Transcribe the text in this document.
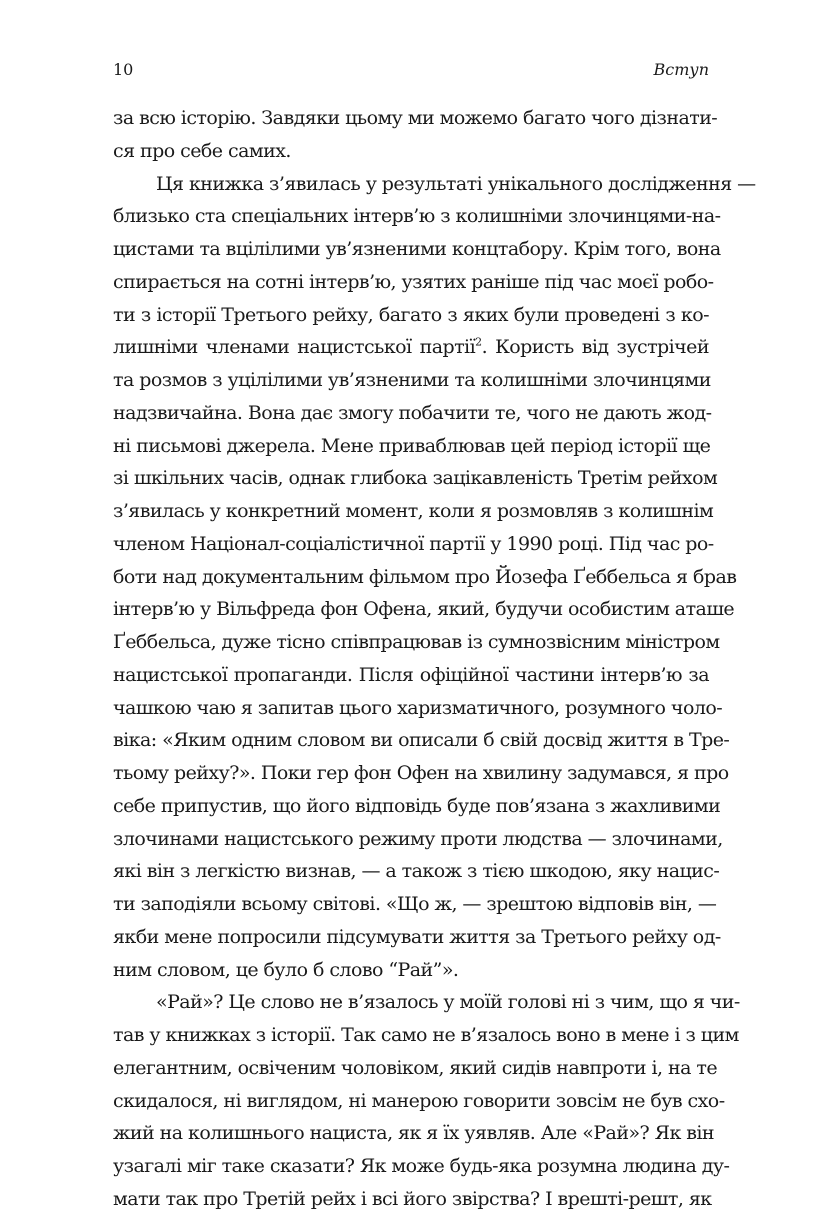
10	Вступ
за всю історію. Завдяки цьому ми можемо багато чого дізнати-
ся про себе самих.
Ця книжка з’явилась у результаті унікального дослідження —
близько ста спеціальних інтерв’ю з колишніми злочинцями-на-
цистами та вцілілими ув’язненими концтабору. Крім того, вона
спирається на сотні інтерв’ю, узятих раніше під час моєї робо-
ти з історії Третього рейху, багато з яких були проведені з ко-
лишніми членами нацистської партії$^2$. Користь від зустрічей
та розмов з уцілілими ув’язненими та колишніми злочинцями
надзвичайна. Вона дає змогу побачити те, чого не дають жод-
ні письмові джерела. Мене приваблював цей період історії ще
зі шкільних часів, однак глибока зацікавленість Третім рейхом
з’явилась у конкретний момент, коли я розмовляв з колишнім
членом Націонал-соціалістичної партії у 1990 році. Під час ро-
боти над документальним фільмом про Йозефа Ґеббельса я брав
інтерв’ю у Вільфреда фон Офена, який, будучи особистим аташе
Ґеббельса, дуже тісно співпрацював із сумнозвісним міністром
нацистської пропаганди. Після офіційної частини інтерв’ю за
чашкою чаю я запитав цього харизматичного, розумного чоло-
віка: «Яким одним словом ви описали б свій досвід життя в Тре-
тьому рейху?». Поки гер фон Офен на хвилину задумався, я про
себе припустив, що його відповідь буде пов’язана з жахливими
злочинами нацистського режиму проти людства — злочинами,
які він з легкістю визнав, — а також з тією шкодою, яку нацис-
ти заподіяли всьому світові. «Що ж, — зрештою відповів він, —
якби мене попросили підсумувати життя за Третього рейху од-
ним словом, це було б слово “Рай”».
«Рай»? Це слово не в’язалось у моїй голові ні з чим, що я чи-
тав у книжках з історії. Так само не в’язалось воно в мене і з цим
елегантним, освіченим чоловіком, який сидів навпроти і, на те
скидалося, ні виглядом, ні манерою говорити зовсім не був схо-
жий на колишнього нациста, як я їх уявляв. Але «Рай»? Як він
узагалі міг таке сказати? Як може будь-яка розумна людина ду-
мати так про Третій рейх і всі його звірства? І врешті-решт, як
